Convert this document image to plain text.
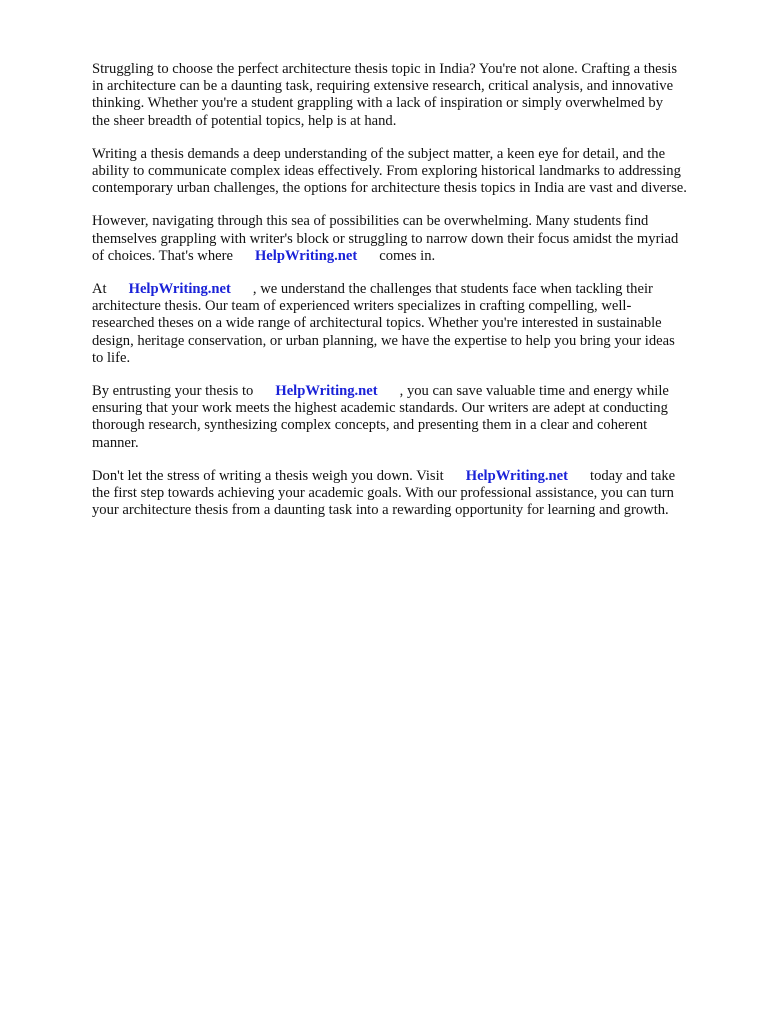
Struggling to choose the perfect architecture thesis topic in India? You're not alone. Crafting a thesis
in architecture can be a daunting task, requiring extensive research, critical analysis, and innovative
thinking. Whether you're a student grappling with a lack of inspiration or simply overwhelmed by
the sheer breadth of potential topics, help is at hand.

Writing a thesis demands a deep understanding of the subject matter, a keen eye for detail, and the
ability to communicate complex ideas effectively. From exploring historical landmarks to addressing
contemporary urban challenges, the options for architecture thesis topics in India are vast and diverse.

However, navigating through this sea of possibilities can be overwhelming. Many students find
themselves grappling with writer's block or struggling to narrow down their focus amidst the myriad
of choices. That's where HelpWriting.net comes in.

At HelpWriting.net , we understand the challenges that students face when tackling their
architecture thesis. Our team of experienced writers specializes in crafting compelling, well-
researched theses on a wide range of architectural topics. Whether you're interested in sustainable
design, heritage conservation, or urban planning, we have the expertise to help you bring your ideas
to life.

By entrusting your thesis to HelpWriting.net , you can save valuable time and energy while
ensuring that your work meets the highest academic standards. Our writers are adept at conducting
thorough research, synthesizing complex concepts, and presenting them in a clear and coherent
manner.

Don't let the stress of writing a thesis weigh you down. Visit HelpWriting.net today and take
the first step towards achieving your academic goals. With our professional assistance, you can turn
your architecture thesis from a daunting task into a rewarding opportunity for learning and growth.
